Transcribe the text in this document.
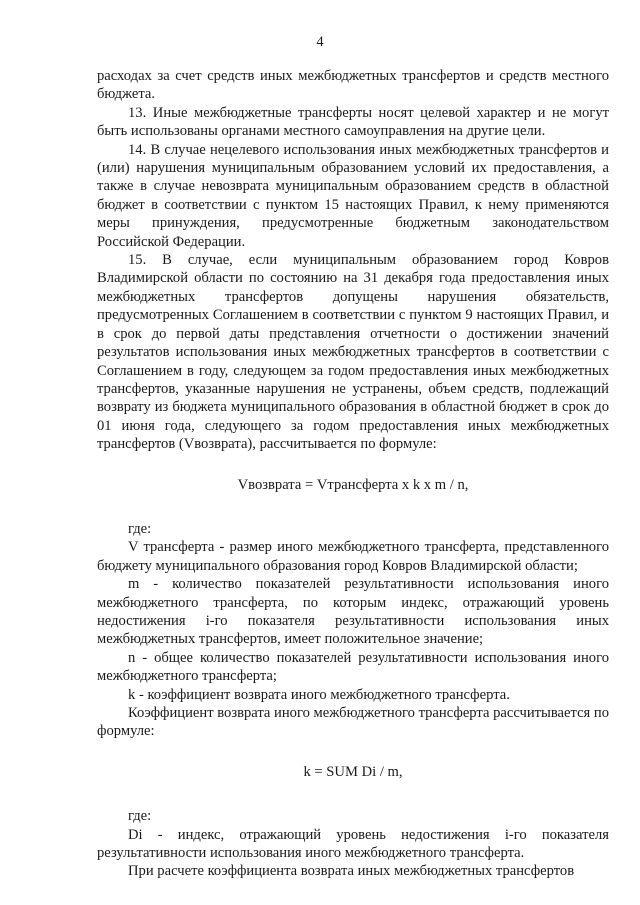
4

расходах за счет средств иных межбюджетных трансфертов и средств местного бюджета.

13. Иные межбюджетные трансферты носят целевой характер и не могут быть использованы органами местного самоуправления на другие цели.

14. В случае нецелевого использования иных межбюджетных трансфертов и (или) нарушения муниципальным образованием условий их предоставления, а также в случае невозврата муниципальным образованием средств в областной бюджет в соответствии с пунктом 15 настоящих Правил, к нему применяются меры принуждения, предусмотренные бюджетным законодательством Российской Федерации.

15. В случае, если муниципальным образованием город Ковров Владимирской области по состоянию на 31 декабря года предоставления иных межбюджетных трансфертов допущены нарушения обязательств, предусмотренных Соглашением в соответствии с пунктом 9 настоящих Правил, и в срок до первой даты представления отчетности о достижении значений результатов использования иных межбюджетных трансфертов в соответствии с Соглашением в году, следующем за годом предоставления иных межбюджетных трансфертов, указанные нарушения не устранены, объем средств, подлежащий возврату из бюджета муниципального образования в областной бюджет в срок до 01 июня года, следующего за годом предоставления иных межбюджетных трансфертов (Vвозврата), рассчитывается по формуле:

Vвозврата = Vтрансферта x k x m / n,

где:

V трансферта - размер иного межбюджетного трансферта, представленного бюджету муниципального образования город Ковров Владимирской области;

m - количество показателей результативности использования иного межбюджетного трансферта, по которым индекс, отражающий уровень недостижения i-го показателя результативности использования иных межбюджетных трансфертов, имеет положительное значение;

n - общее количество показателей результативности использования иного межбюджетного трансферта;

k - коэффициент возврата иного межбюджетного трансферта.

Коэффициент возврата иного межбюджетного трансферта рассчитывается по формуле:

k = SUM Di / m,

где:

Di - индекс, отражающий уровень недостижения i-го показателя результативности использования иного межбюджетного трансферта.

При расчете коэффициента возврата иных межбюджетных трансфертов
